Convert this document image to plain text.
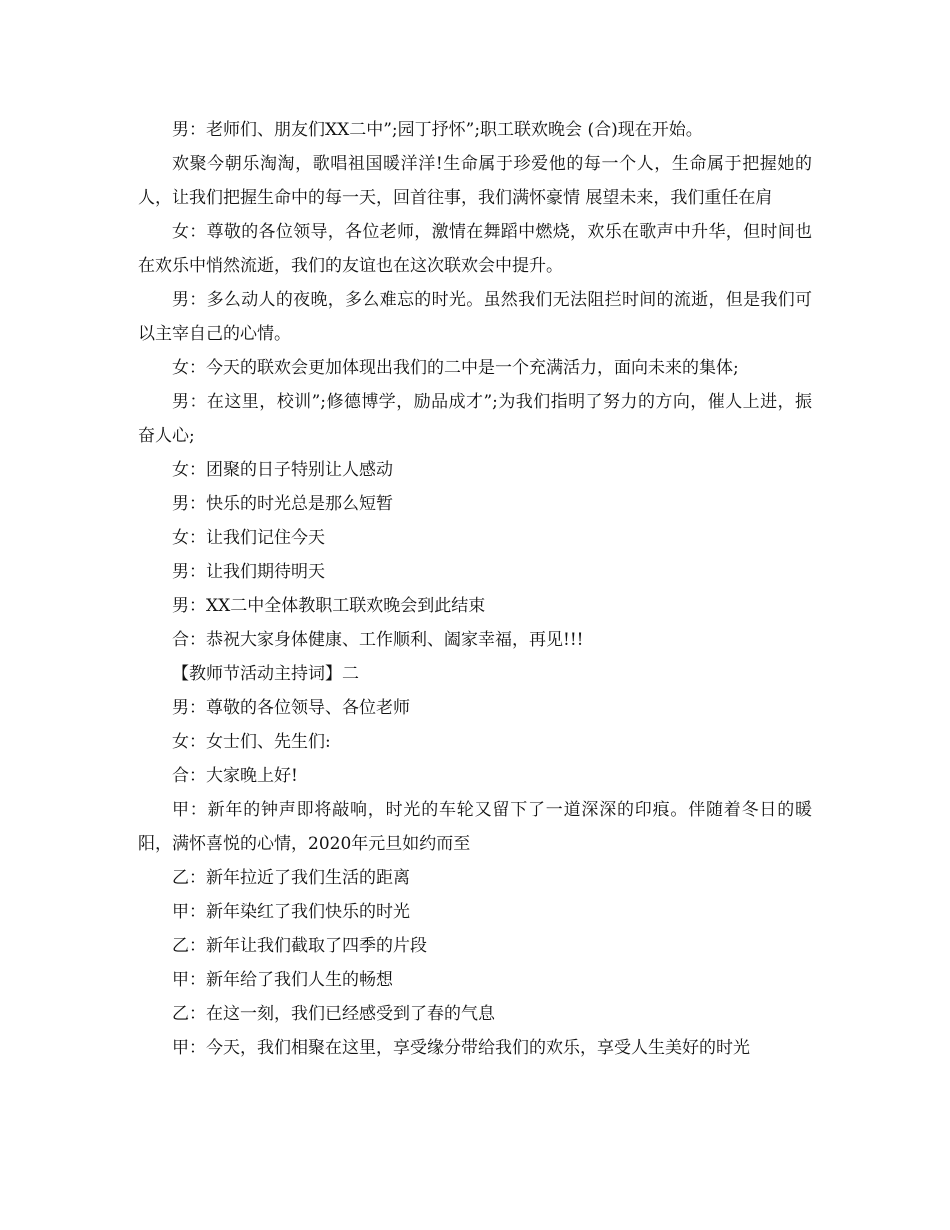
男：老师们、朋友们XX二中”;园丁抒怀”;职工联欢晚会 (合)现在开始。

欢聚今朝乐淘淘，歌唱祖国暖洋洋!生命属于珍爱他的每一个人，生命属于把握她的人，让我们把握生命中的每一天，回首往事，我们满怀豪情 展望未来，我们重任在肩

女：尊敬的各位领导，各位老师，激情在舞蹈中燃烧，欢乐在歌声中升华，但时间也在欢乐中悄然流逝，我们的友谊也在这次联欢会中提升。

男：多么动人的夜晚，多么难忘的时光。虽然我们无法阻拦时间的流逝，但是我们可以主宰自己的心情。

女：今天的联欢会更加体现出我们的二中是一个充满活力，面向未来的集体;

男：在这里，校训”;修德博学，励品成才”;为我们指明了努力的方向，催人上进，振奋人心;

女：团聚的日子特别让人感动

男：快乐的时光总是那么短暂

女：让我们记住今天

男：让我们期待明天

男：XX二中全体教职工联欢晚会到此结束

合：恭祝大家身体健康、工作顺利、阖家幸福，再见!!!

【教师节活动主持词】二

男：尊敬的各位领导、各位老师

女：女士们、先生们:

合：大家晚上好!

甲：新年的钟声即将敲响，时光的车轮又留下了一道深深的印痕。伴随着冬日的暖阳，满怀喜悦的心情，2020年元旦如约而至

乙：新年拉近了我们生活的距离

甲：新年染红了我们快乐的时光

乙：新年让我们截取了四季的片段

甲：新年给了我们人生的畅想

乙：在这一刻，我们已经感受到了春的气息

甲：今天，我们相聚在这里，享受缘分带给我们的欢乐，享受人生美好的时光
